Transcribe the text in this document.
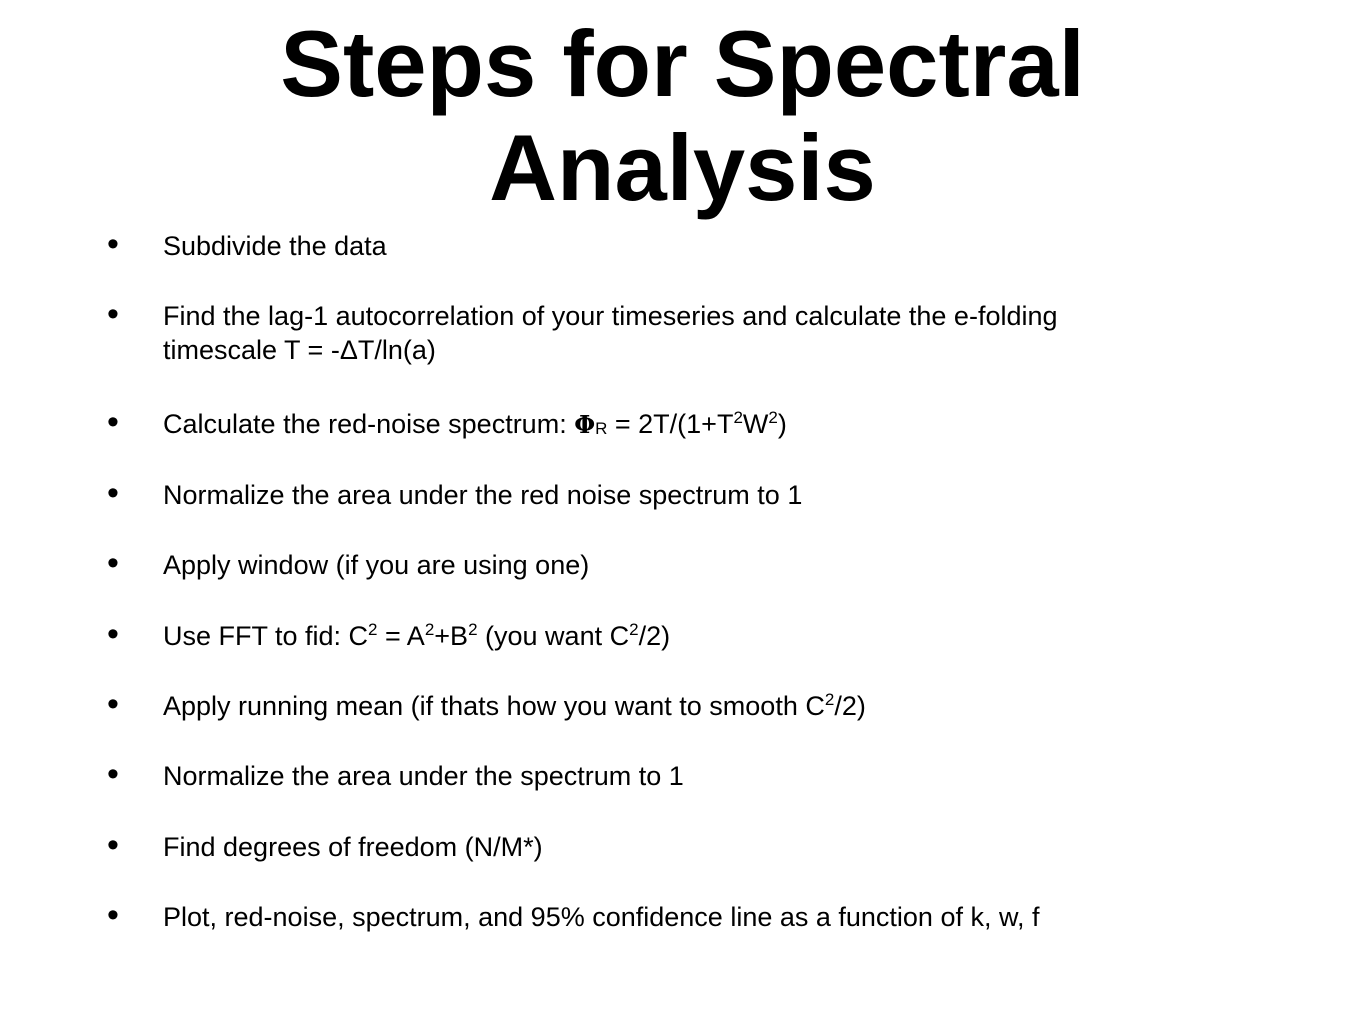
Steps for Spectral
Analysis
• Subdivide the data
• Find the lag-1 autocorrelation of your timeseries and calculate the e-folding
timescale T = -ΔT/ln(a)
• Calculate the red-noise spectrum: $\Phi_R = 2T/(1+T^2W^2)$
• Normalize the area under the red noise spectrum to 1
• Apply window (if you are using one)
• Use FFT to fid: $C^2 = A^2+B^2$ (you want $C^2/2$)
• Apply running mean (if thats how you want to smooth $C^2/2$)
• Normalize the area under the spectrum to 1
• Find degrees of freedom (N/M*)
• Plot, red-noise, spectrum, and 95% confidence line as a function of k, w, f
